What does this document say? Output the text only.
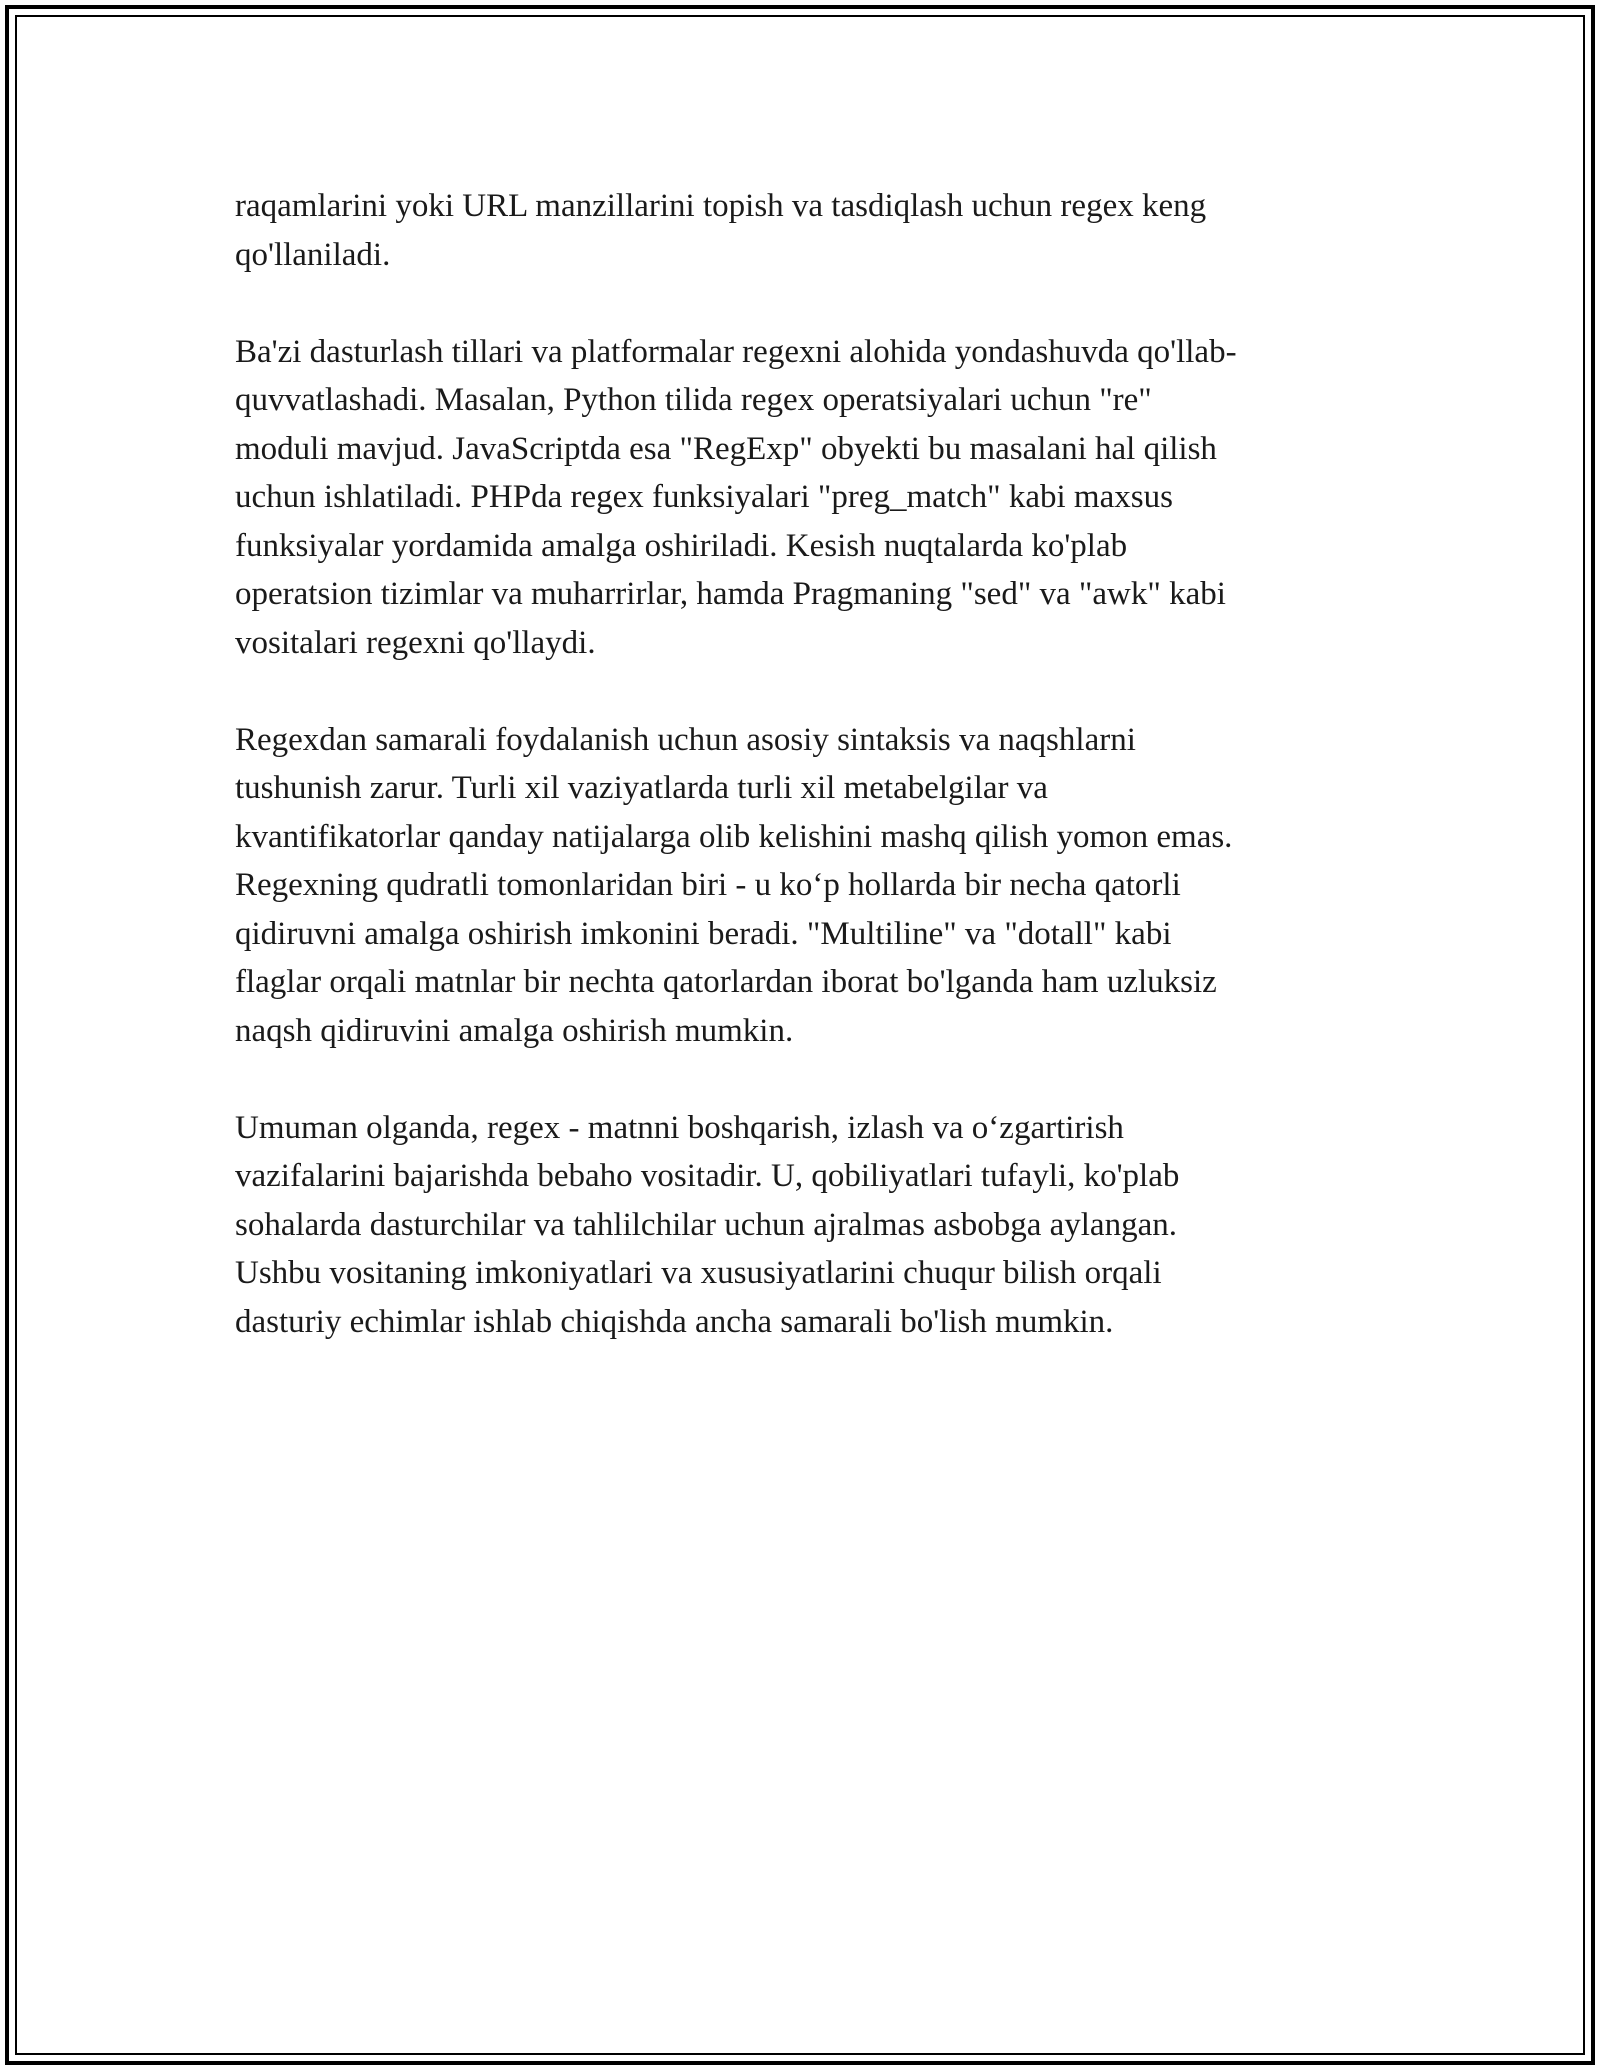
raqamlarini yoki URL manzillarini topish va tasdiqlash uchun regex keng
qo'llaniladi.

Ba'zi dasturlash tillari va platformalar regexni alohida yondashuvda qo'llab-
quvvatlashadi. Masalan, Python tilida regex operatsiyalari uchun "re"
moduli mavjud. JavaScriptda esa "RegExp" obyekti bu masalani hal qilish
uchun ishlatiladi. PHPda regex funksiyalari "preg_match" kabi maxsus
funksiyalar yordamida amalga oshiriladi. Kesish nuqtalarda ko'plab
operatsion tizimlar va muharrirlar, hamda Pragmaning "sed" va "awk" kabi
vositalari regexni qo'llaydi.

Regexdan samarali foydalanish uchun asosiy sintaksis va naqshlarni
tushunish zarur. Turli xil vaziyatlarda turli xil metabelgilar va
kvantifikatorlar qanday natijalarga olib kelishini mashq qilish yomon emas.
Regexning qudratli tomonlaridan biri - u koʻp hollarda bir necha qatorli
qidiruvni amalga oshirish imkonini beradi. "Multiline" va "dotall" kabi
flaglar orqali matnlar bir nechta qatorlardan iborat bo'lganda ham uzluksiz
naqsh qidiruvini amalga oshirish mumkin.

Umuman olganda, regex - matnni boshqarish, izlash va oʻzgartirish
vazifalarini bajarishda bebaho vositadir. U, qobiliyatlari tufayli, ko'plab
sohalarda dasturchilar va tahlilchilar uchun ajralmas asbobga aylangan.
Ushbu vositaning imkoniyatlari va xususiyatlarini chuqur bilish orqali
dasturiy echimlar ishlab chiqishda ancha samarali bo'lish mumkin.
